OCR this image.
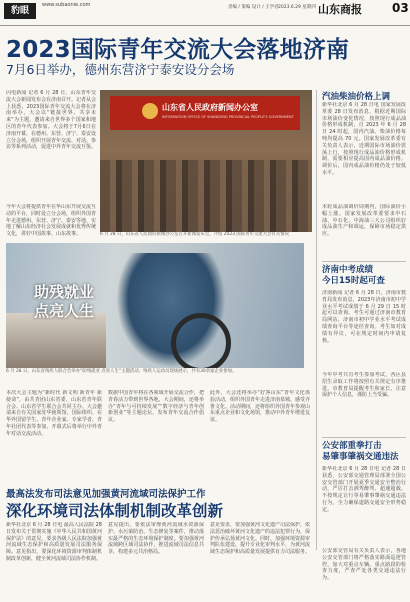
豹眼
www.subaonie.com	责编 / 策编 设计 / 王学君 2023.6.29 星期四 山东商报	03
2023国际青年交流大会落地济南
7月6日举办，德州东营济宁泰安设分会场
闪电新闻 记者 6 月 28 日，山东青年交流大会新闻发布会在济南召开。记者从会上获悉，2023国际青年交流大会将在济南举办，大会以“链接世界，共享未来”为主题，邀请来自世界多个国家和地区的青年代表参加。大会将于7月6日在济南开幕，在德州、东营、济宁、泰安设立分会场，组织开展青年交流、对话、参访等系列活动，促进中外青年交流互鉴。
今年大会将提供青年在华山东开展交流互动的平台，同时设立分会场，组织外国青年走进德州、东营、济宁、泰安等地，实地了解山东经济社会发展成就和优秀传统文化，讲好中国故事、山东故事。
山东省人民政府新闻办公室
INFORMATION OFFICE OF SHANDONG PROVINCIAL PEOPLE'S GOVERNMENT
6 月 28 日，山东省人民政府新闻办公室召开新闻发布会，介绍 2023 国际青年交流大会有关情况
汽油柴油价格上调
新华社北京 6 月 28 日电 国家发展改革委 28 日发布消息，根据近期国际市场油价变化情况，按照现行成品油价格形成机制，自 2023 年 6 月 28 日 24 时起，国内汽油、柴油价格每吨均提高 70 元。国家发展改革委有关负责人表示，近期国际市场油价震荡上行，按照现行成品油价格形成机制，需要相应提高国内成品油价格。调价后，国内成品油价格仍处于较低水平。
本轮成品油调价周期内，国际油价小幅上涨。国家发展改革委要求中石油、中石化、中海油三大公司组织好成品油生产和调运，保障市场稳定供应。
济南中考成绩
今日15时起可查
济南新闻 记者 6 月 28 日，济南市教育局发布消息，2023年济南市初中学业水平考试成绩于 6 月 29 日 15 时起可以查询。考生可通过济南市教育局网站、济南市初中学业水平考试成绩查询平台等途径查询。考生如对成绩有异议，可在规定时间内申请复核。
今年中考共有考生参加考试，各区县招生录取工作将按照有关规定有序推进。市教育局提醒考生和家长，注意保护个人信息，谨防上当受骗。
公安部重拳打击
易肇事肇祸交通违法
新华社北京 6 月 28 日电 记者 28 日获悉，公安部交通管理局部署全国公安交管部门开展夏季交通安全整治行动，严厉打击酒驾醉驾、超速超载、不按规定让行等易肇事肇祸交通违法行为，全力确保道路交通安全形势稳定。
公安部交管局有关负责人表示，各地公安交管部门将严格落实路面巡逻管控，加大对重点车辆、重点路段的检查力度，严查严处各类交通违法行为。
助残就业
点亮人生
6 月 28 日，山东省残疾人联合会举办“助残就业 点亮人生”主题活动。残疾人运动员现场展示，共有30余家企业参加。
最高法发布司法意见加强黄河流域司法保护工作
深化环境司法体制机制改革创新
新华社北京 6 月 28 日电 最高人民法院 28 日发布关于贯彻实施《中华人民共和国黄河保护法》的意见，要求各级人民法院加强黄河流域生态保护和高质量发展司法服务保障。意见指出，要深化环境资源审判体制机制改革创新，健全黄河流域司法协作机制。
意见提出，要依法审理黄河流域水资源保护、水污染防治、生态修复等案件，推动落实最严格的生态环境保护制度。要加强黄河流域跨区域司法协作，推进流域司法信息共享，构建多元共治格局。
意见要求，要加强黄河文化遗产司法保护，依法惩治破坏黄河文化遗产的违法犯罪行为，保护传承弘扬黄河文化。同时，加强环境资源审判队伍建设，提升专业化审判水平，为黄河流域生态保护和高质量发展提供有力司法服务。
此外，大会还将举办“好客山东”青年文化体验活动，组织外国青年走进济南泉城、感受齐鲁文化。活动期间，还将组织外国青年参观山东重点企业和文化场馆，推动中外青年增进友谊。
数据中国青年将在各领域开展交流合作，把青春活力带到世界各地。大会期间，还将举办“青年与可持续发展”“数字经济与青年创新创业”等主题论坛，发布青年交流合作倡议。
本次大会主题为“新时代 新文明 新青年 新使命”，由共青团山东省委、山东省青年联合会、山东省学生联合会共同主办。大会邀请来自有关国家驻华使领馆、国际组织、在华外国留学生、青年企业家、专家学者、青年社团代表等参加。开幕式后将举行中外青年对话交流活动。
